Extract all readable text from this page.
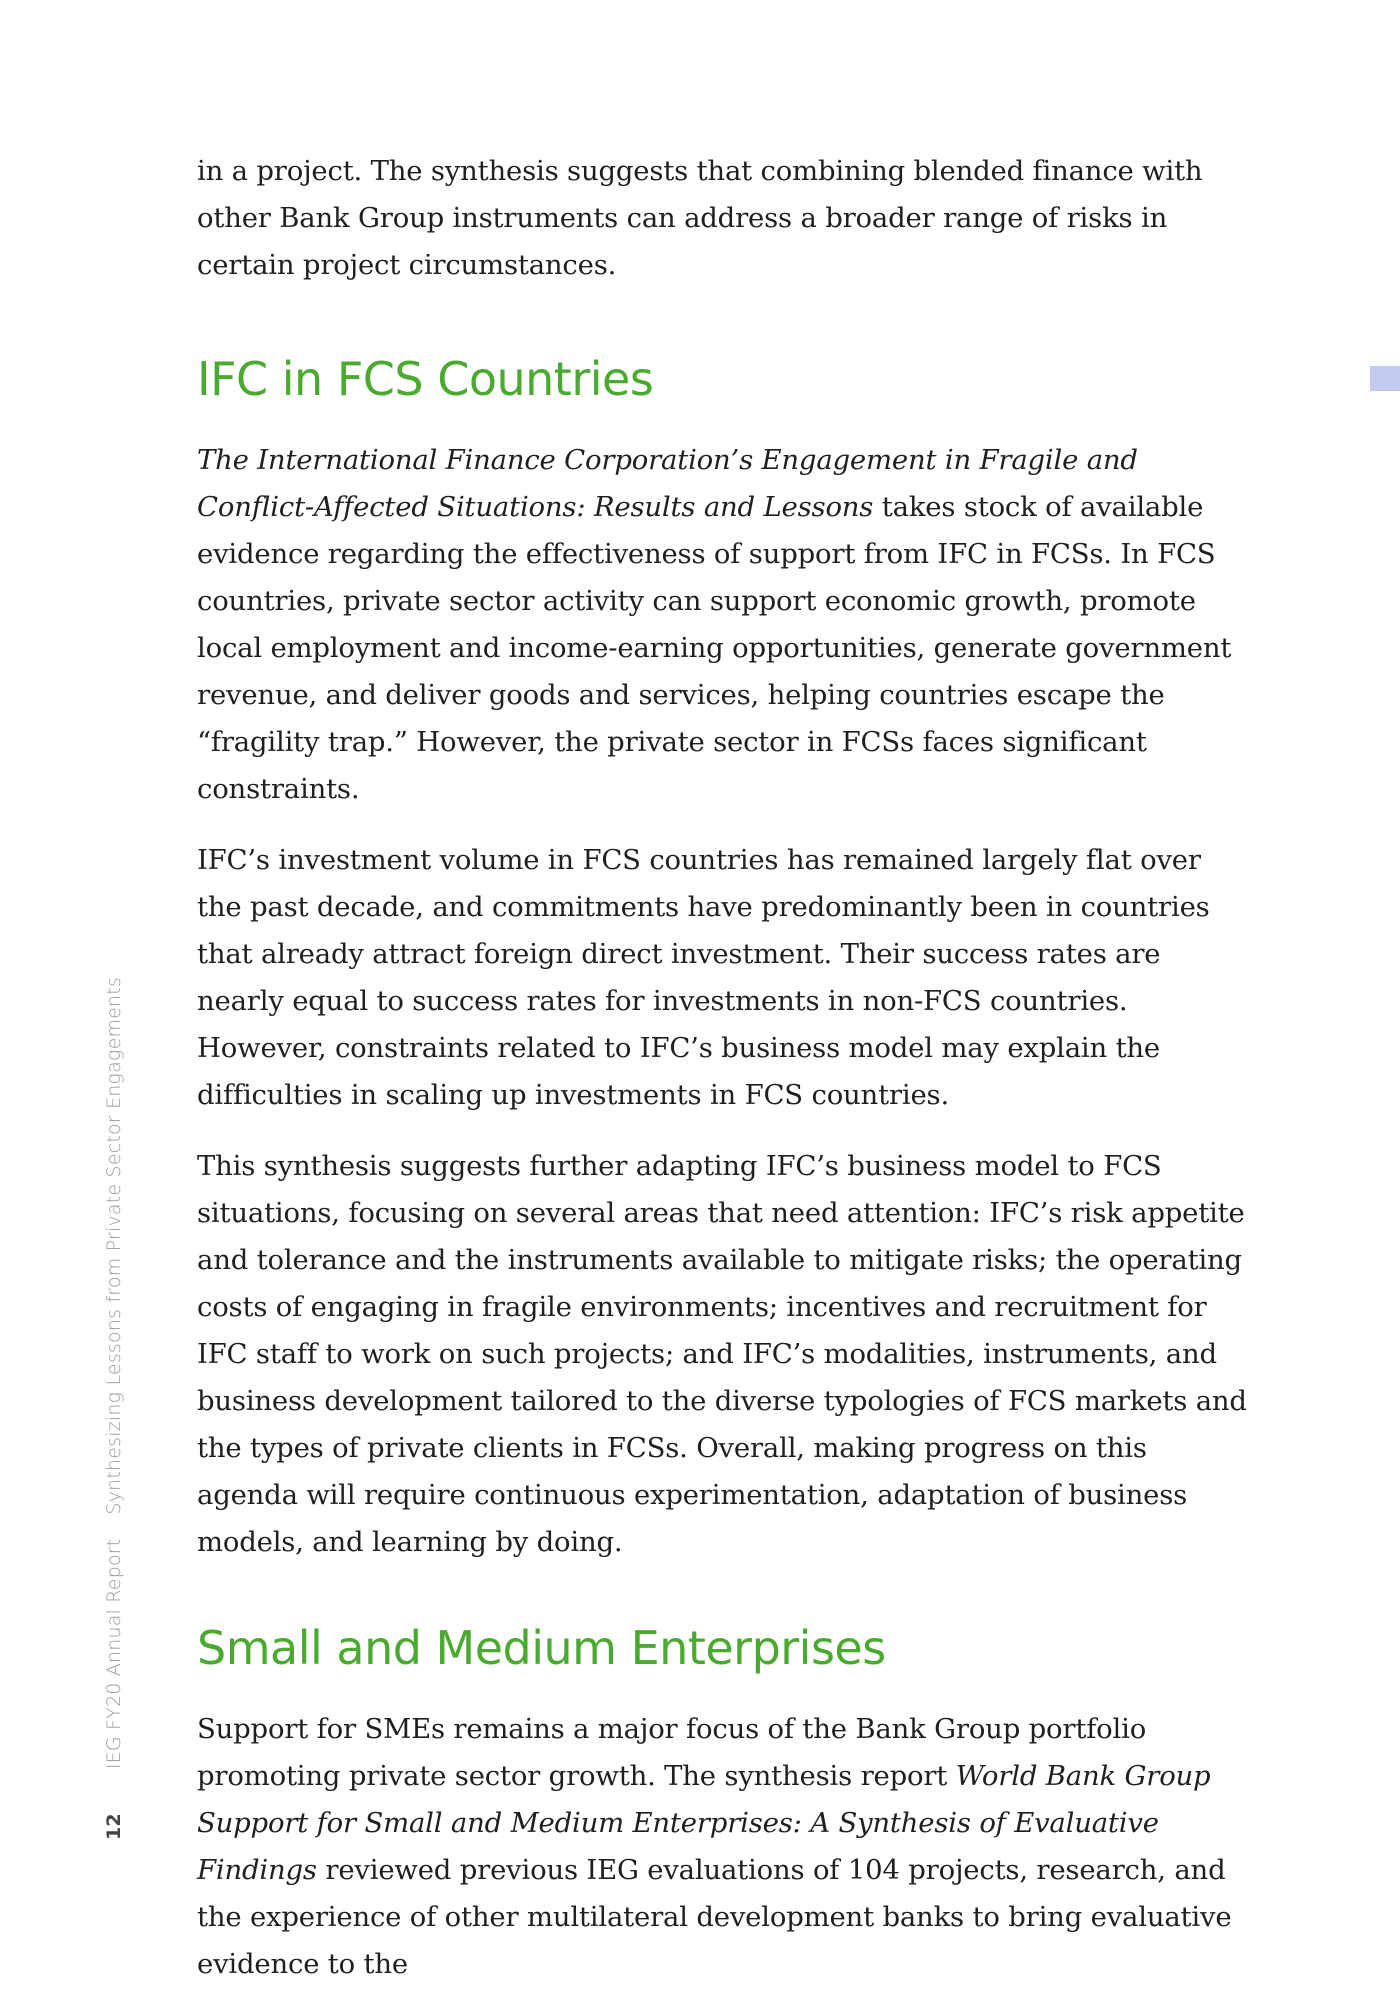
12IEG FY20 Annual ReportSynthesizing Lessons from Private Sector Engagements

in a project. The synthesis suggests that combining blended finance with other Bank Group instruments can address a broader range of risks in certain project circumstances.

IFC in FCS Countries

The International Finance Corporation’s Engagement in Fragile and Conflict-Affected Situations: Results and Lessons takes stock of available evidence regarding the effectiveness of support from IFC in FCSs. In FCS countries, private sector activity can support economic growth, promote local employment and income-earning opportunities, generate government revenue, and deliver goods and services, helping countries escape the “fragility trap.” However, the private sector in FCSs faces significant constraints.

IFC’s investment volume in FCS countries has remained largely flat over the past decade, and commitments have predominantly been in countries that already attract foreign direct investment. Their success rates are nearly equal to success rates for investments in non-FCS countries. However, constraints related to IFC’s business model may explain the difficulties in scaling up investments in FCS countries.

This synthesis suggests further adapting IFC’s business model to FCS situations, focusing on several areas that need attention: IFC’s risk appetite and tolerance and the instruments available to mitigate risks; the operating costs of engaging in fragile environments; incentives and recruitment for IFC staff to work on such projects; and IFC’s modalities, instruments, and business development tailored to the diverse typologies of FCS markets and the types of private clients in FCSs. Overall, making progress on this agenda will require continuous experimentation, adaptation of business models, and learning by doing.

Small and Medium Enterprises

Support for SMEs remains a major focus of the Bank Group portfolio promoting private sector growth. The synthesis report World Bank Group Support for Small and Medium Enterprises: A Synthesis of Evaluative Findings reviewed previous IEG evaluations of 104 projects, research, and the experience of other multilateral development banks to bring evaluative evidence to the
